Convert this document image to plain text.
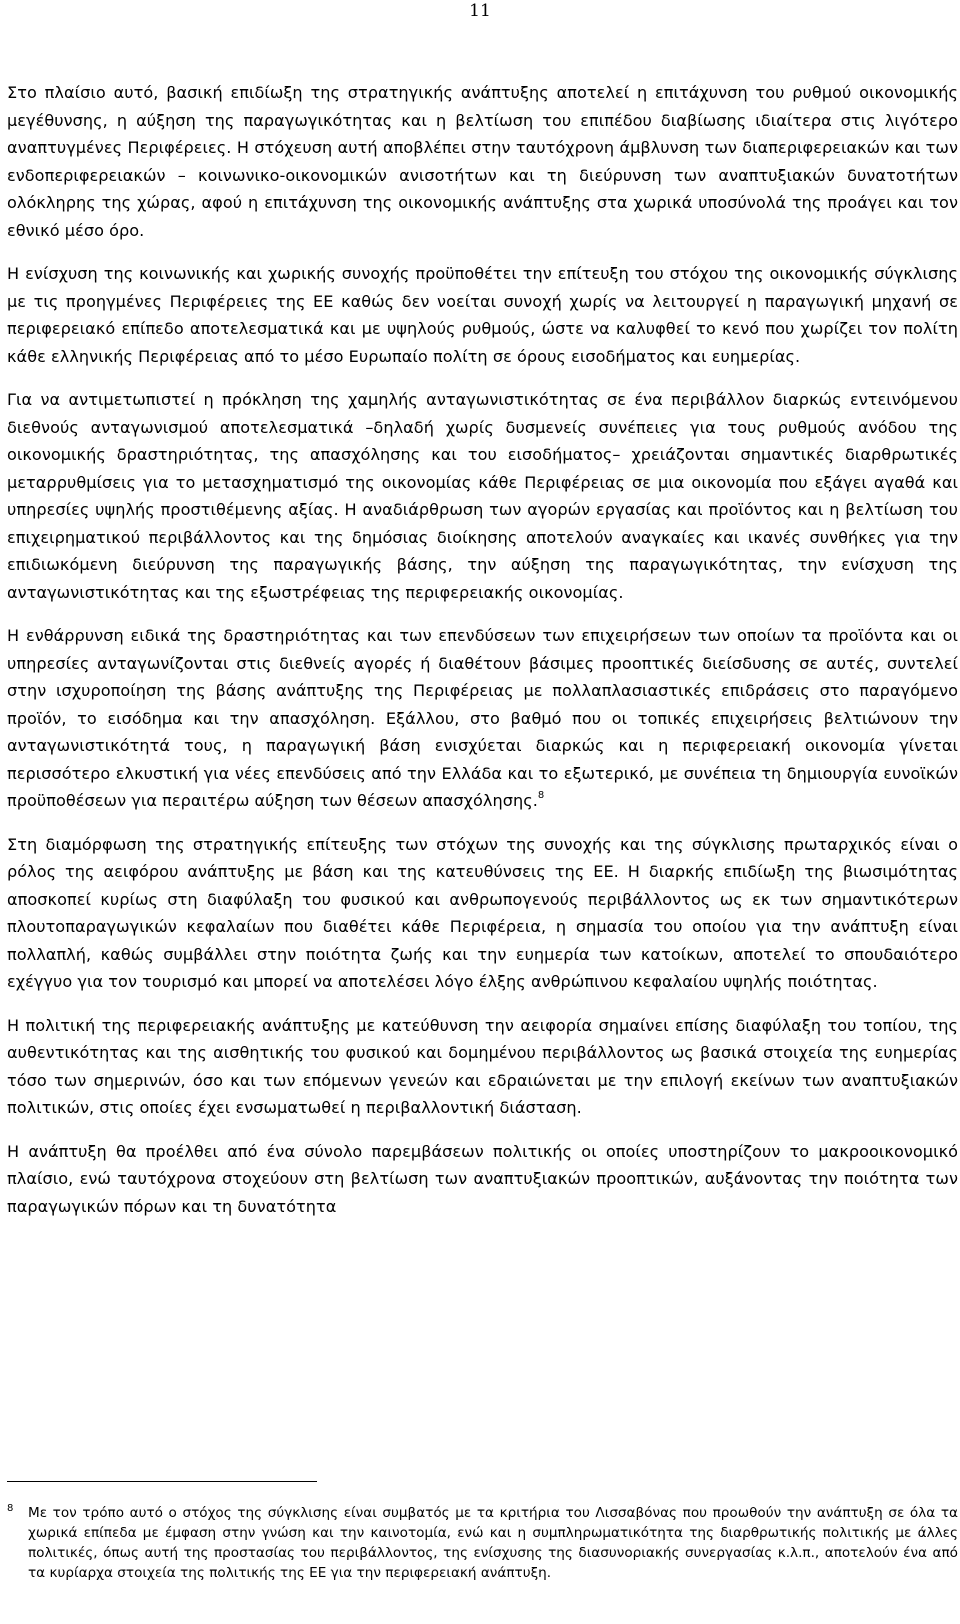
11

Στο πλαίσιο αυτό, βασική επιδίωξη της στρατηγικής ανάπτυξης αποτελεί η επιτάχυνση του ρυθμού οικονομικής μεγέθυνσης, η αύξηση της παραγωγικότητας και η βελτίωση του επιπέδου διαβίωσης ιδιαίτερα στις λιγότερο αναπτυγμένες Περιφέρειες. Η στόχευση αυτή αποβλέπει στην ταυτόχρονη άμβλυνση των διαπεριφερειακών και των ενδοπεριφερειακών – κοινωνικο-οικονομικών ανισοτήτων και τη διεύρυνση των αναπτυξιακών δυνατοτήτων ολόκληρης της χώρας, αφού η επιτάχυνση της οικονομικής ανάπτυξης στα χωρικά υποσύνολά της προάγει και τον εθνικό μέσο όρο.

Η ενίσχυση της κοινωνικής και χωρικής συνοχής προϋποθέτει την επίτευξη του στόχου της οικονομικής σύγκλισης με τις προηγμένες Περιφέρειες της ΕΕ καθώς δεν νοείται συνοχή χωρίς να λειτουργεί η παραγωγική μηχανή σε περιφερειακό επίπεδο αποτελεσματικά και με υψηλούς ρυθμούς, ώστε να καλυφθεί το κενό που χωρίζει τον πολίτη κάθε ελληνικής Περιφέρειας από το μέσο Ευρωπαίο πολίτη σε όρους εισοδήματος και ευημερίας.

Για να αντιμετωπιστεί η πρόκληση της χαμηλής ανταγωνιστικότητας σε ένα περιβάλλον διαρκώς εντεινόμενου διεθνούς ανταγωνισμού αποτελεσματικά –δηλαδή χωρίς δυσμενείς συνέπειες για τους ρυθμούς ανόδου της οικονομικής δραστηριότητας, της απασχόλησης και του εισοδήματος– χρειάζονται σημαντικές διαρθρωτικές μεταρρυθμίσεις για το μετασχηματισμό της οικονομίας κάθε Περιφέρειας σε μια οικονομία που εξάγει αγαθά και υπηρεσίες υψηλής προστιθέμενης αξίας. Η αναδιάρθρωση των αγορών εργασίας και προϊόντος και η βελτίωση του επιχειρηματικού περιβάλλοντος και της δημόσιας διοίκησης αποτελούν αναγκαίες και ικανές συνθήκες για την επιδιωκόμενη διεύρυνση της παραγωγικής βάσης, την αύξηση της παραγωγικότητας, την ενίσχυση της ανταγωνιστικότητας και της εξωστρέφειας της περιφερειακής οικονομίας.

Η ενθάρρυνση ειδικά της δραστηριότητας και των επενδύσεων των επιχειρήσεων των οποίων τα προϊόντα και οι υπηρεσίες ανταγωνίζονται στις διεθνείς αγορές ή διαθέτουν βάσιμες προοπτικές διείσδυσης σε αυτές, συντελεί στην ισχυροποίηση της βάσης ανάπτυξης της Περιφέρειας με πολλαπλασιαστικές επιδράσεις στο παραγόμενο προϊόν, το εισόδημα και την απασχόληση. Εξάλλου, στο βαθμό που οι τοπικές επιχειρήσεις βελτιώνουν την ανταγωνιστικότητά τους, η παραγωγική βάση ενισχύεται διαρκώς και η περιφερειακή οικονομία γίνεται περισσότερο ελκυστική για νέες επενδύσεις από την Ελλάδα και το εξωτερικό, με συνέπεια τη δημιουργία ευνοϊκών προϋποθέσεων για περαιτέρω αύξηση των θέσεων απασχόλησης.$^8$

Στη διαμόρφωση της στρατηγικής επίτευξης των στόχων της συνοχής και της σύγκλισης πρωταρχικός είναι ο ρόλος της αειφόρου ανάπτυξης με βάση και της κατευθύνσεις της ΕΕ. Η διαρκής επιδίωξη της βιωσιμότητας αποσκοπεί κυρίως στη διαφύλαξη του φυσικού και ανθρωπογενούς περιβάλλοντος ως εκ των σημαντικότερων πλουτοπαραγωγικών κεφαλαίων που διαθέτει κάθε Περιφέρεια, η σημασία του οποίου για την ανάπτυξη είναι πολλαπλή, καθώς συμβάλλει στην ποιότητα ζωής και την ευημερία των κατοίκων, αποτελεί το σπουδαιότερο εχέγγυο για τον τουρισμό και μπορεί να αποτελέσει λόγο έλξης ανθρώπινου κεφαλαίου υψηλής ποιότητας.

Η πολιτική της περιφερειακής ανάπτυξης με κατεύθυνση την αειφορία σημαίνει επίσης διαφύλαξη του τοπίου, της αυθεντικότητας και της αισθητικής του φυσικού και δομημένου περιβάλλοντος ως βασικά στοιχεία της ευημερίας τόσο των σημερινών, όσο και των επόμενων γενεών και εδραιώνεται με την επιλογή εκείνων των αναπτυξιακών πολιτικών, στις οποίες έχει ενσωματωθεί η περιβαλλοντική διάσταση.

Η ανάπτυξη θα προέλθει από ένα σύνολο παρεμβάσεων πολιτικής οι οποίες υποστηρίζουν το μακροοικονομικό πλαίσιο, ενώ ταυτόχρονα στοχεύουν στη βελτίωση των αναπτυξιακών προοπτικών, αυξάνοντας την ποιότητα των παραγωγικών πόρων και τη δυνατότητα

8 Με τον τρόπο αυτό ο στόχος της σύγκλισης είναι συμβατός με τα κριτήρια του Λισσαβόνας που προωθούν την ανάπτυξη σε όλα τα χωρικά επίπεδα με έμφαση στην γνώση και την καινοτομία, ενώ και η συμπληρωματικότητα της διαρθρωτικής πολιτικής με άλλες πολιτικές, όπως αυτή της προστασίας του περιβάλλοντος, της ενίσχυσης της διασυνοριακής συνεργασίας κ.λ.π., αποτελούν ένα από τα κυρίαρχα στοιχεία της πολιτικής της ΕΕ για την περιφερειακή ανάπτυξη.
